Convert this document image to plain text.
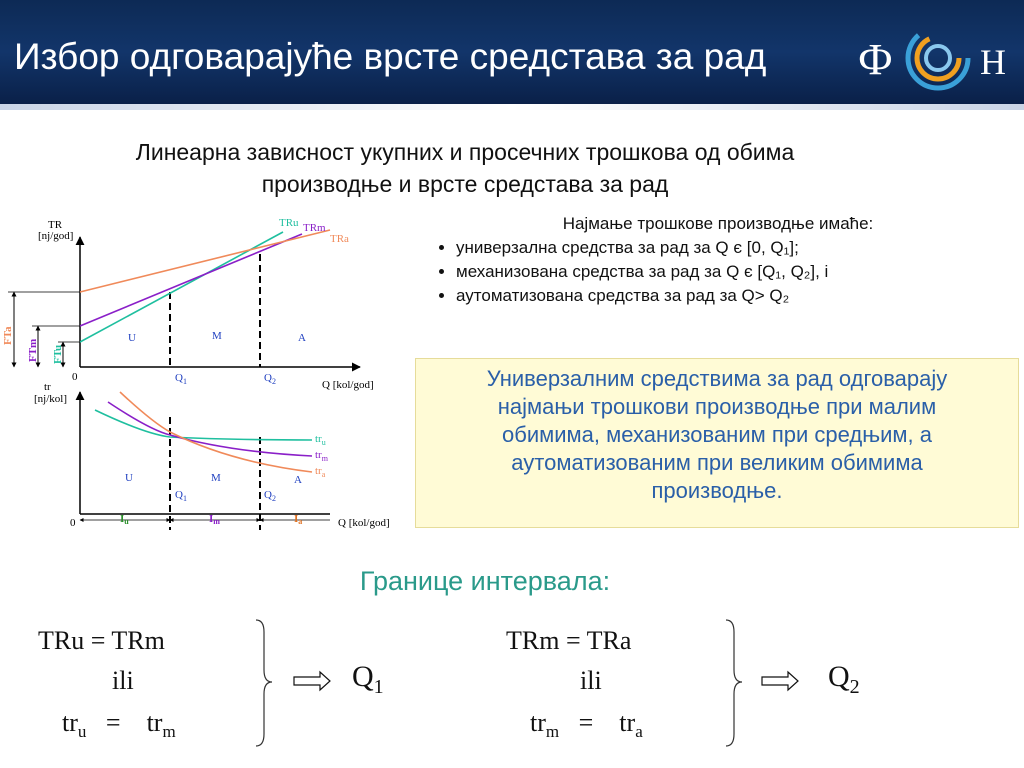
Избор одговарајуће врсте средстава за рад Ф Н
Линеарна зависност укупних и просечних трошкова од обима
производње и врсте средстава за рад
TR
[nj/god]
0
Q [kol/god]
TRu TRm
TRa
U	M	A
$Q_1$	$Q_2$
FTa
FTm FTu
tr
[nj/kol]
0	Q [kol/god]
$tr_u$
$tr_m$
$tr_a$
U	M	A
$Q_1$	$Q_2$
Iu	Im	Ia
Најмање трошкове производње имаће:
• универзална средства за рад за Q є [0, Q₁];
• механизована средства за рад за Q є [Q₁, Q₂], i
• аутоматизована средства за рад за Q> Q₂
Универзалним средствима за рад одговарају
најмањи трошкови производње при малим
обимима, механизованим при средњим, а
аутоматизованим при великим обимима
производње.
Границе интервала:
TRu = TRm
ili
$tr_u = tr_m$
$Q_1$
TRm = TRa
ili
$tr_m = tr_a$
$Q_2$
